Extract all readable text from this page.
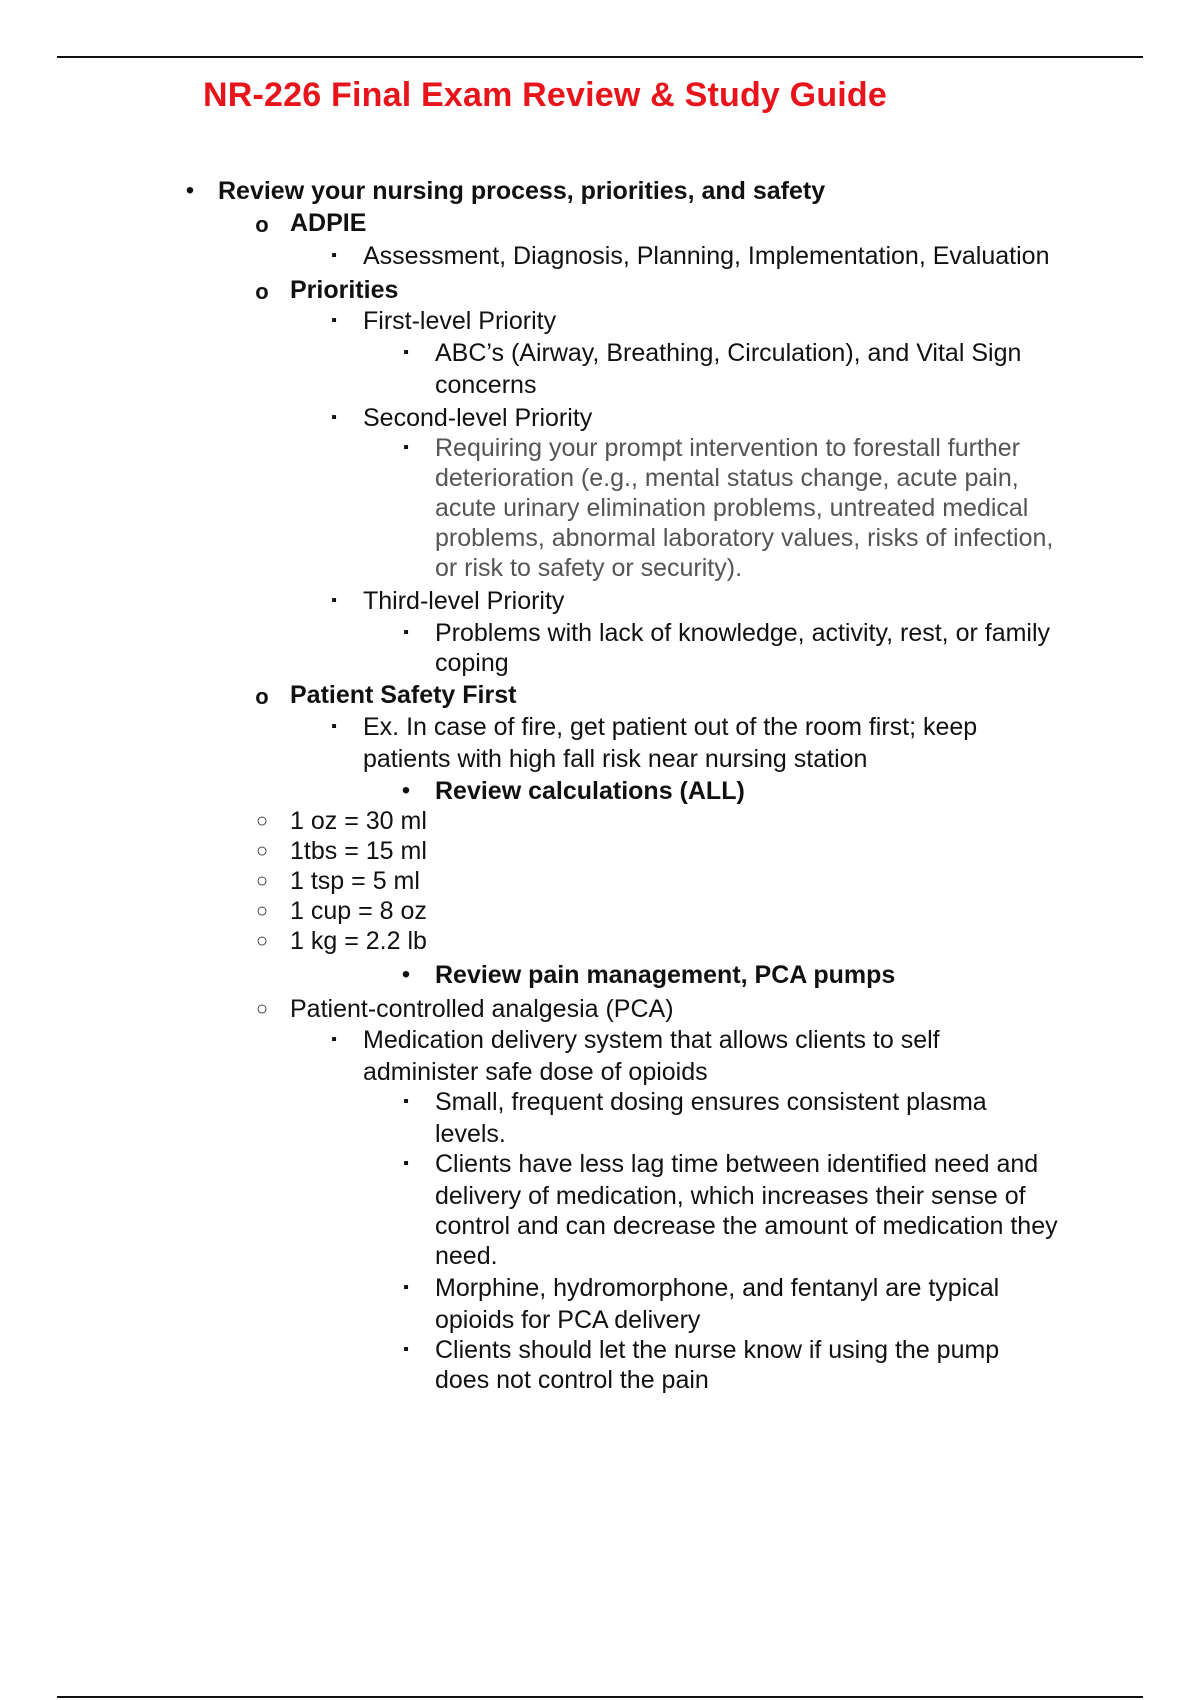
NR-226 Final Exam Review & Study Guide
• Review your nursing process, priorities, and safety
o ADPIE
▪ Assessment, Diagnosis, Planning, Implementation, Evaluation
o Priorities
▪ First-level Priority
▪ ABC’s (Airway, Breathing, Circulation), and Vital Sign
concerns
▪ Second-level Priority
▪ Requiring your prompt intervention to forestall further
deterioration (e.g., mental status change, acute pain,
acute urinary elimination problems, untreated medical
problems, abnormal laboratory values, risks of infection,
or risk to safety or security).
▪ Third-level Priority
▪ Problems with lack of knowledge, activity, rest, or family
coping
o Patient Safety First
▪ Ex. In case of fire, get patient out of the room first; keep
patients with high fall risk near nursing station
• Review calculations (ALL)
○ 1 oz = 30 ml
○ 1tbs = 15 ml
○ 1 tsp = 5 ml
○ 1 cup = 8 oz
○ 1 kg = 2.2 lb
• Review pain management, PCA pumps
○ Patient-controlled analgesia (PCA)
▪ Medication delivery system that allows clients to self
administer safe dose of opioids
▪ Small, frequent dosing ensures consistent plasma
levels.
▪ Clients have less lag time between identified need and
delivery of medication, which increases their sense of
control and can decrease the amount of medication they
need.
▪ Morphine, hydromorphone, and fentanyl are typical
opioids for PCA delivery
▪ Clients should let the nurse know if using the pump
does not control the pain
